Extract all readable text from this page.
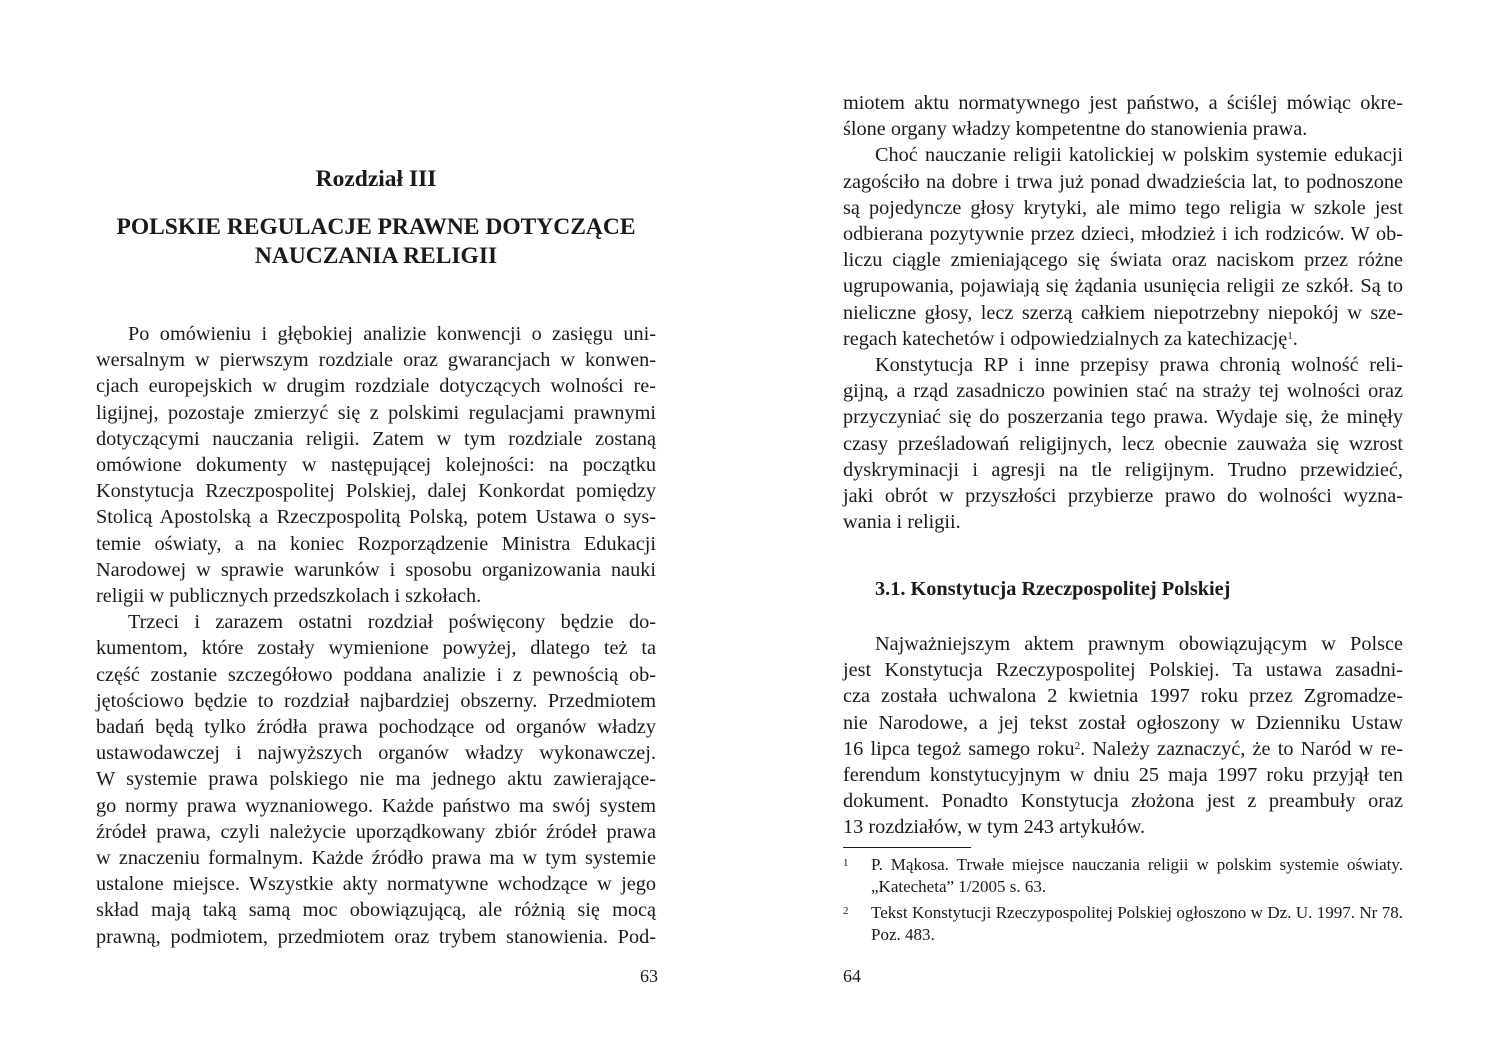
Rozdział III
POLSKIE REGULACJE PRAWNE DOTYCZĄCE
NAUCZANIA RELIGII
Po omówieniu i głębokiej analizie konwencji o zasięgu uni-
wersalnym w pierwszym rozdziale oraz gwarancjach w konwen-
cjach europejskich w drugim rozdziale dotyczących wolności re-
ligijnej, pozostaje zmierzyć się z polskimi regulacjami prawnymi
dotyczącymi nauczania religii. Zatem w tym rozdziale zostaną
omówione dokumenty w następującej kolejności: na początku
Konstytucja Rzeczpospolitej Polskiej, dalej Konkordat pomiędzy
Stolicą Apostolską a Rzeczpospolitą Polską, potem Ustawa o sys-
temie oświaty, a na koniec Rozporządzenie Ministra Edukacji
Narodowej w sprawie warunków i sposobu organizowania nauki
religii w publicznych przedszkolach i szkołach.
Trzeci i zarazem ostatni rozdział poświęcony będzie do-
kumentom, które zostały wymienione powyżej, dlatego też ta
część zostanie szczegółowo poddana analizie i z pewnością ob-
jętościowo będzie to rozdział najbardziej obszerny. Przedmiotem
badań będą tylko źródła prawa pochodzące od organów władzy
ustawodawczej i najwyższych organów władzy wykonawczej.
W systemie prawa polskiego nie ma jednego aktu zawierające-
go normy prawa wyznaniowego. Każde państwo ma swój system
źródeł prawa, czyli należycie uporządkowany zbiór źródeł prawa
w znaczeniu formalnym. Każde źródło prawa ma w tym systemie
ustalone miejsce. Wszystkie akty normatywne wchodzące w jego
skład mają taką samą moc obowiązującą, ale różnią się mocą
prawną, podmiotem, przedmiotem oraz trybem stanowienia. Pod-
63
miotem aktu normatywnego jest państwo, a ściślej mówiąc okre-
ślone organy władzy kompetentne do stanowienia prawa.
Choć nauczanie religii katolickiej w polskim systemie edukacji
zagościło na dobre i trwa już ponad dwadzieścia lat, to podnoszone
są pojedyncze głosy krytyki, ale mimo tego religia w szkole jest
odbierana pozytywnie przez dzieci, młodzież i ich rodziców. W ob-
liczu ciągle zmieniającego się świata oraz naciskom przez różne
ugrupowania, pojawiają się żądania usunięcia religii ze szkół. Są to
nieliczne głosy, lecz szerzą całkiem niepotrzebny niepokój w sze-
regach katechetów i odpowiedzialnych za katechizację$^1$.
Konstytucja RP i inne przepisy prawa chronią wolność reli-
gijną, a rząd zasadniczo powinien stać na straży tej wolności oraz
przyczyniać się do poszerzania tego prawa. Wydaje się, że minęły
czasy prześladowań religijnych, lecz obecnie zauważa się wzrost
dyskryminacji i agresji na tle religijnym. Trudno przewidzieć,
jaki obrót w przyszłości przybierze prawo do wolności wyzna-
wania i religii.
3.1. Konstytucja Rzeczpospolitej Polskiej
Najważniejszym aktem prawnym obowiązującym w Polsce
jest Konstytucja Rzeczypospolitej Polskiej. Ta ustawa zasadni-
cza została uchwalona 2 kwietnia 1997 roku przez Zgromadze-
nie Narodowe, a jej tekst został ogłoszony w Dzienniku Ustaw
16 lipca tegoż samego roku$^2$. Należy zaznaczyć, że to Naród w re-
ferendum konstytucyjnym w dniu 25 maja 1997 roku przyjął ten
dokument. Ponadto Konstytucja złożona jest z preambuły oraz
13 rozdziałów, w tym 243 artykułów.
1 P. Mąkosa. Trwałe miejsce nauczania religii w polskim systemie oświaty.
„Katecheta” 1/2005 s. 63.
2 Tekst Konstytucji Rzeczypospolitej Polskiej ogłoszono w Dz. U. 1997. Nr 78.
Poz. 483.
64
